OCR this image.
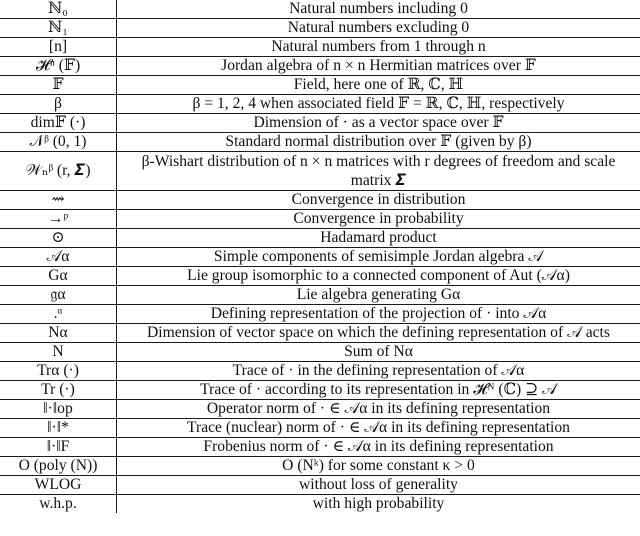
ℕ₀	Natural numbers including 0
ℕ₁	Natural numbers excluding 0
[n]	Natural numbers from 1 through n
𝓗ⁿ (𝔽)	Jordan algebra of n × n Hermitian matrices over 𝔽
𝔽	Field, here one of ℝ, ℂ, ℍ
β	β = 1, 2, 4 when associated field 𝔽 = ℝ, ℂ, ℍ, respectively
dim𝔽 (·)	Dimension of · as a vector space over 𝔽
𝒩ᵝ (0, 1)	Standard normal distribution over 𝔽 (given by β)
𝒲ₙᵝ (r, 𝜮)	β-Wishart distribution of n × n matrices with r degrees of freedom and scale matrix 𝜮
⇝	Convergence in distribution
→ᵖ	Convergence in probability
⊙	Hadamard product
𝒜α	Simple components of semisimple Jordan algebra 𝒜
Gα	Lie group isomorphic to a connected component of Aut (𝒜α)
𝔤α	Lie algebra generating Gα
.ᵅ	Defining representation of the projection of · into 𝒜α
Nα	Dimension of vector space on which the defining representation of 𝒜 acts
N	Sum of Nα
Trα (·)	Trace of · in the defining representation of 𝒜α
Tr (·)	Trace of · according to its representation in 𝓗ᴺ (ℂ) ⊇ 𝒜
‖·‖op	Operator norm of · ∈ 𝒜α in its defining representation
‖·‖*	Trace (nuclear) norm of · ∈ 𝒜α in its defining representation
‖·‖F	Frobenius norm of · ∈ 𝒜α in its defining representation
O (poly (N))	O (Nᵏ) for some constant κ > 0
WLOG	without loss of generality
w.h.p.	with high probability
